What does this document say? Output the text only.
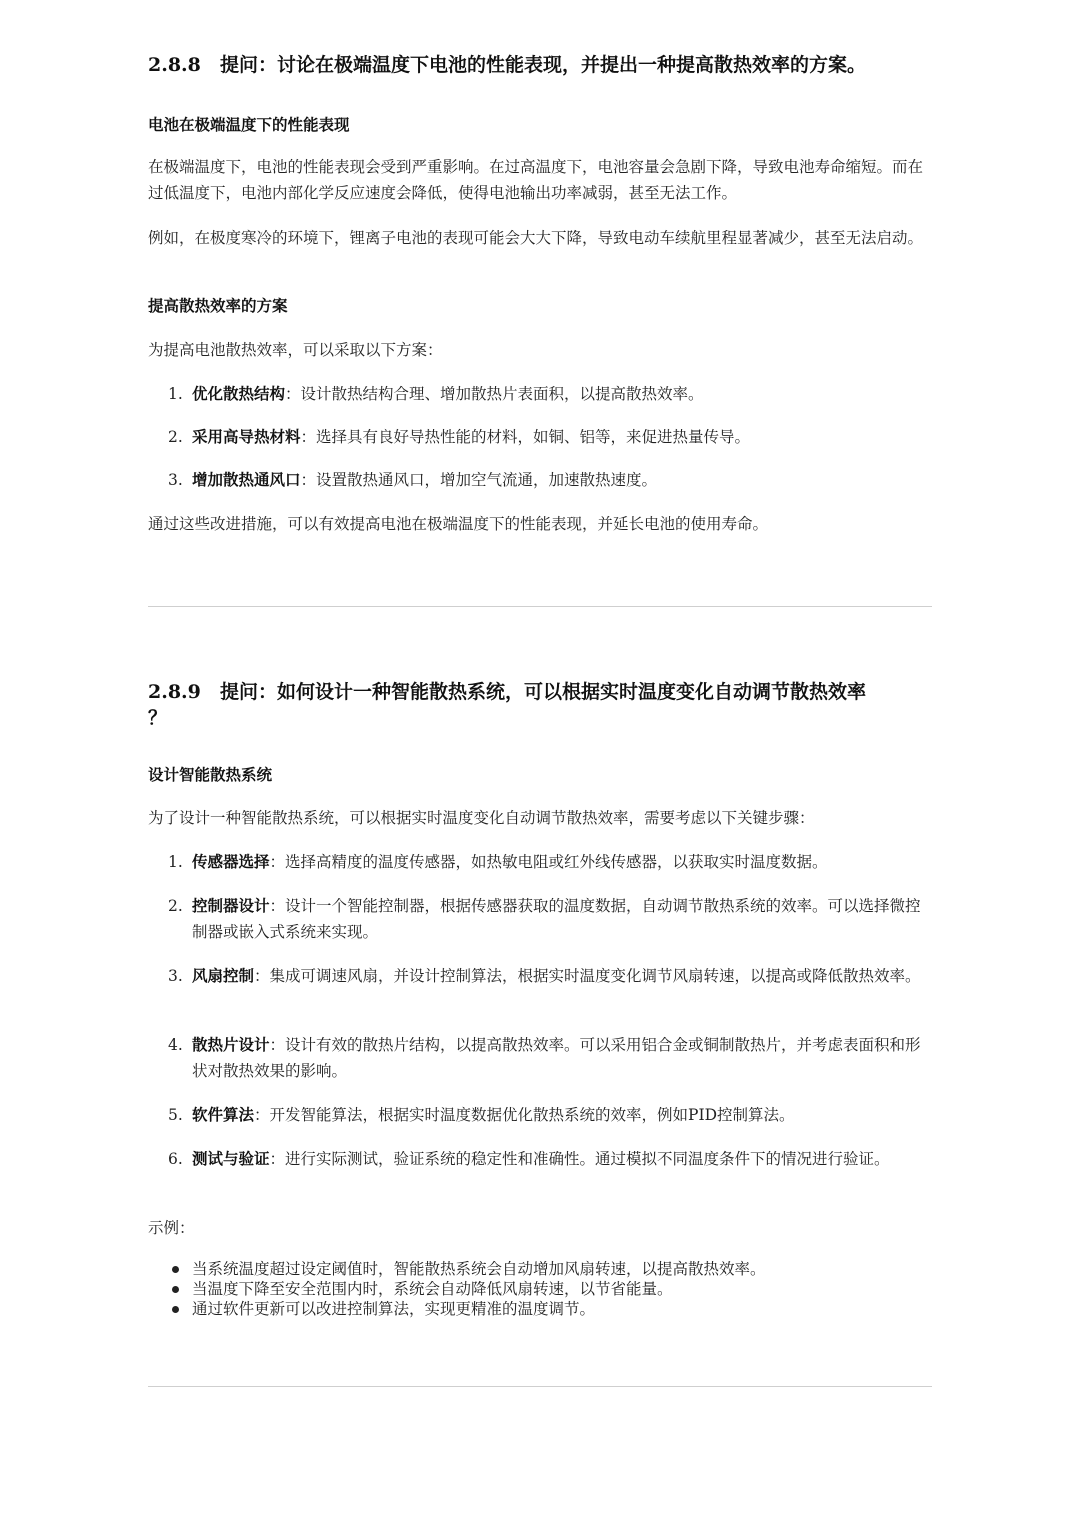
2.8.8 提问：讨论在极端温度下电池的性能表现，并提出一种提高散热效率的方案。
电池在极端温度下的性能表现
在极端温度下，电池的性能表现会受到严重影响。在过高温度下，电池容量会急剧下降，导致电池寿命缩短。而在过低温度下，电池内部化学反应速度会降低，使得电池输出功率减弱，甚至无法工作。
例如，在极度寒冷的环境下，锂离子电池的表现可能会大大下降，导致电动车续航里程显著减少，甚至无法启动。
提高散热效率的方案
为提高电池散热效率，可以采取以下方案：
1. 优化散热结构：设计散热结构合理、增加散热片表面积，以提高散热效率。
2. 采用高导热材料：选择具有良好导热性能的材料，如铜、铝等，来促进热量传导。
3. 增加散热通风口：设置散热通风口，增加空气流通，加速散热速度。
通过这些改进措施，可以有效提高电池在极端温度下的性能表现，并延长电池的使用寿命。
2.8.9 提问：如何设计一种智能散热系统，可以根据实时温度变化自动调节散热效率
？
设计智能散热系统
为了设计一种智能散热系统，可以根据实时温度变化自动调节散热效率，需要考虑以下关键步骤：
1. 传感器选择：选择高精度的温度传感器，如热敏电阻或红外线传感器，以获取实时温度数据。
2. 控制器设计：设计一个智能控制器，根据传感器获取的温度数据，自动调节散热系统的效率。可以选择微控制器或嵌入式系统来实现。
3. 风扇控制：集成可调速风扇，并设计控制算法，根据实时温度变化调节风扇转速，以提高或降低散热效率。
4. 散热片设计：设计有效的散热片结构，以提高散热效率。可以采用铝合金或铜制散热片，并考虑表面积和形状对散热效果的影响。
5. 软件算法：开发智能算法，根据实时温度数据优化散热系统的效率，例如PID控制算法。
6. 测试与验证：进行实际测试，验证系统的稳定性和准确性。通过模拟不同温度条件下的情况进行验证。
示例：
当系统温度超过设定阈值时，智能散热系统会自动增加风扇转速，以提高散热效率。
当温度下降至安全范围内时，系统会自动降低风扇转速，以节省能量。
通过软件更新可以改进控制算法，实现更精准的温度调节。
